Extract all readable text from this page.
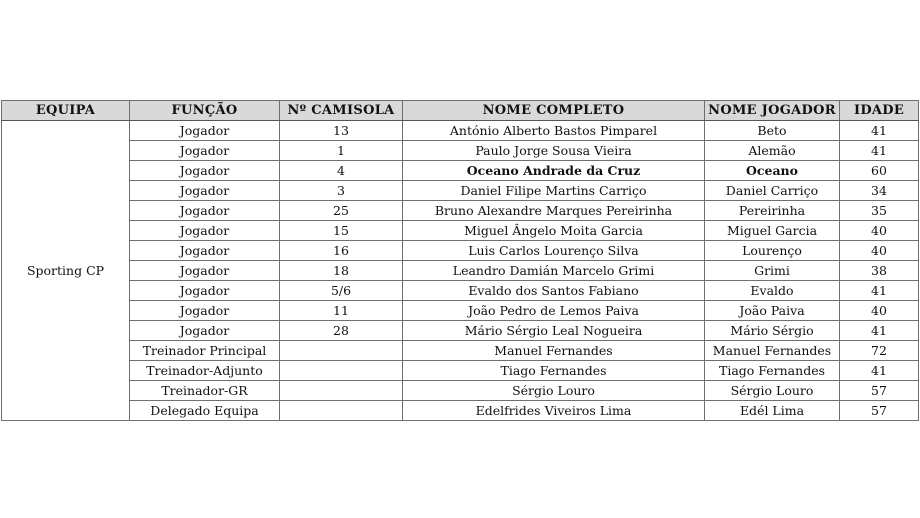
EQUIPA	FUNÇÃO	Nº CAMISOLA	NOME COMPLETO	NOME JOGADOR	IDADE
Sporting CP	Jogador	13	António Alberto Bastos Pimparel	Beto	41
	Jogador	1	Paulo Jorge Sousa Vieira	Alemão	41
	Jogador	4	Oceano Andrade da Cruz	Oceano	60
	Jogador	3	Daniel Filipe Martins Carriço	Daniel Carriço	34
	Jogador	25	Bruno Alexandre Marques Pereirinha	Pereirinha	35
	Jogador	15	Miguel Ângelo Moita Garcia	Miguel Garcia	40
	Jogador	16	Luis Carlos Lourenço Silva	Lourenço	40
	Jogador	18	Leandro Damián Marcelo Grimi	Grimi	38
	Jogador	5/6	Evaldo dos Santos Fabiano	Evaldo	41
	Jogador	11	João Pedro de Lemos Paiva	João Paiva	40
	Jogador	28	Mário Sérgio Leal Nogueira	Mário Sérgio	41
	Treinador Principal		Manuel Fernandes	Manuel Fernandes	72
	Treinador-Adjunto		Tiago Fernandes	Tiago Fernandes	41
	Treinador-GR		Sérgio Louro	Sérgio Louro	57
	Delegado Equipa		Edelfrides Viveiros Lima	Edél Lima	57
